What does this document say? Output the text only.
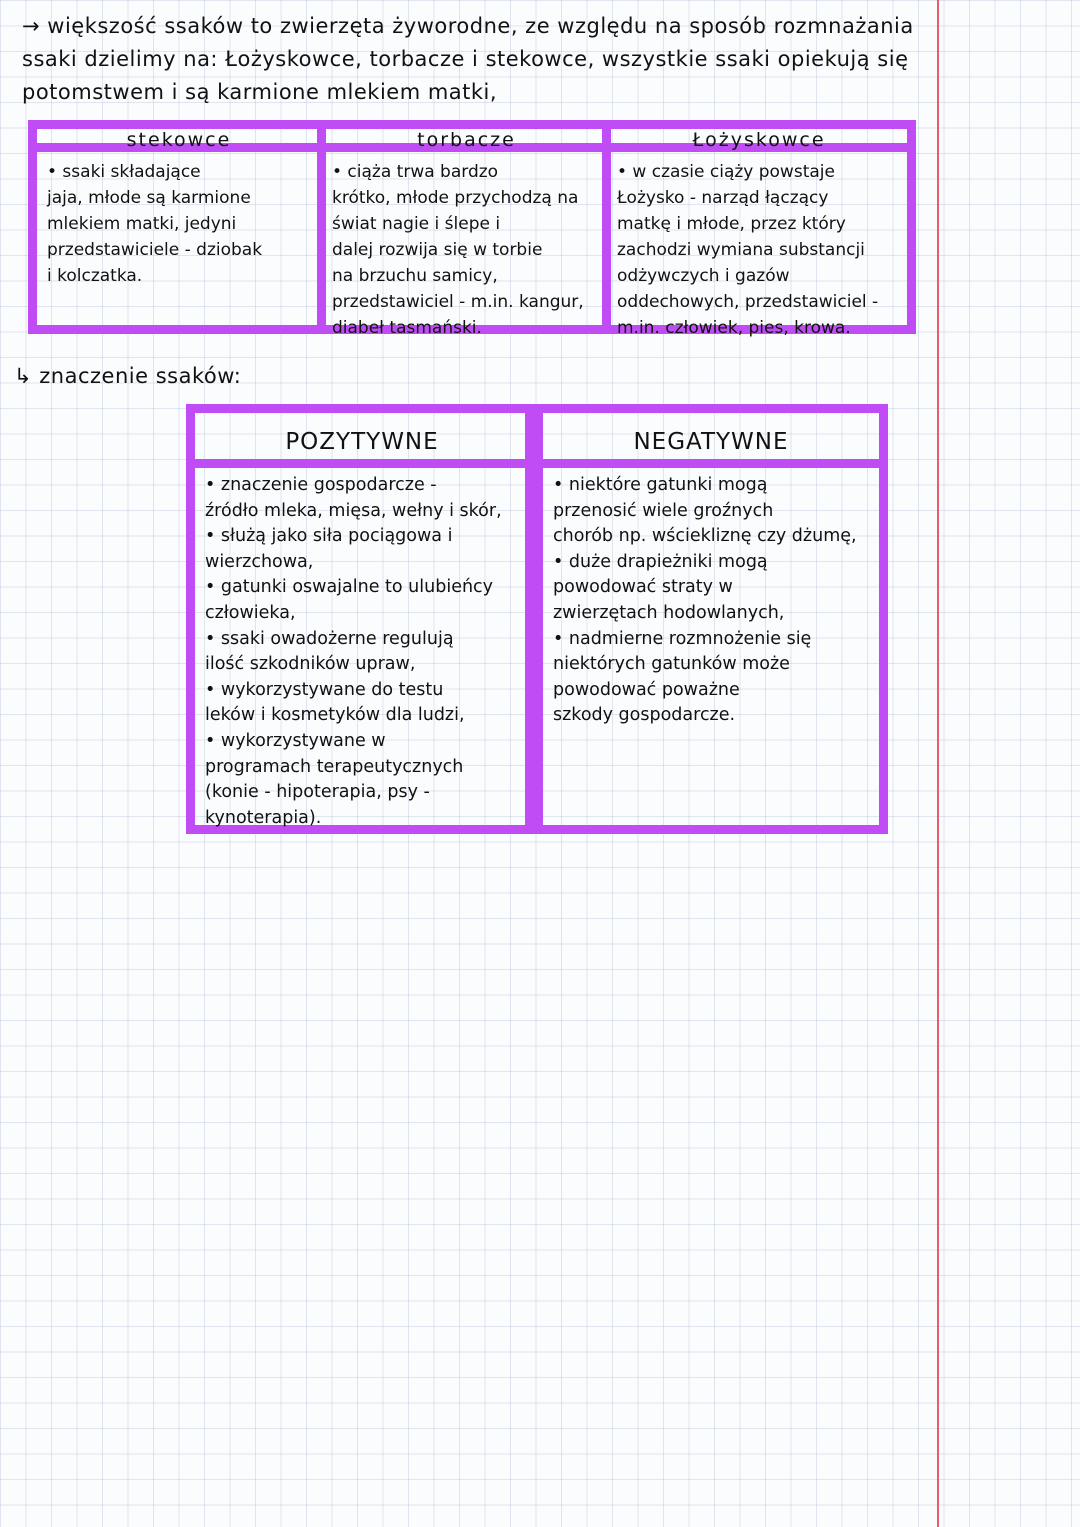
→ większość ssaków to zwierzęta żyworodne, ze względu na sposób rozmnażania
ssaki dzielimy na: Łożyskowce, torbacze i stekowce, wszystkie ssaki opiekują się
potomstwem i są karmione mlekiem matki,
stekowce
• ssaki składające
jaja, młode są karmione
mlekiem matki, jedyni
przedstawiciele - dziobak
i kolczatka.
torbacze
• ciąża trwa bardzo
krótko, młode przychodzą na
świat nagie i ślepe i
dalej rozwija się w torbie
na brzuchu samicy,
przedstawiciel - m.in. kangur,
diabeł tasmański.
Łożyskowce
• w czasie ciąży powstaje
Łożysko - narząd łączący
matkę i młode, przez który
zachodzi wymiana substancji
odżywczych i gazów
oddechowych, przedstawiciel -
m.in. człowiek, pies, krowa.
↳ znaczenie ssaków:
POZYTYWNE
• znaczenie gospodarcze -
źródło mleka, mięsa, wełny i skór,
• służą jako siła pociągowa i
wierzchowa,
• gatunki oswajalne to ulubieńcy
człowieka,
• ssaki owadożerne regulują
ilość szkodników upraw,
• wykorzystywane do testu
leków i kosmetyków dla ludzi,
• wykorzystywane w
programach terapeutycznych
(konie - hipoterapia, psy -
kynoterapia).
NEGATYWNE
• niektóre gatunki mogą
przenosić wiele groźnych
chorób np. wściekliznę czy dżumę,
• duże drapieżniki mogą
powodować straty w
zwierzętach hodowlanych,
• nadmierne rozmnożenie się
niektórych gatunków może
powodować poważne
szkody gospodarcze.
